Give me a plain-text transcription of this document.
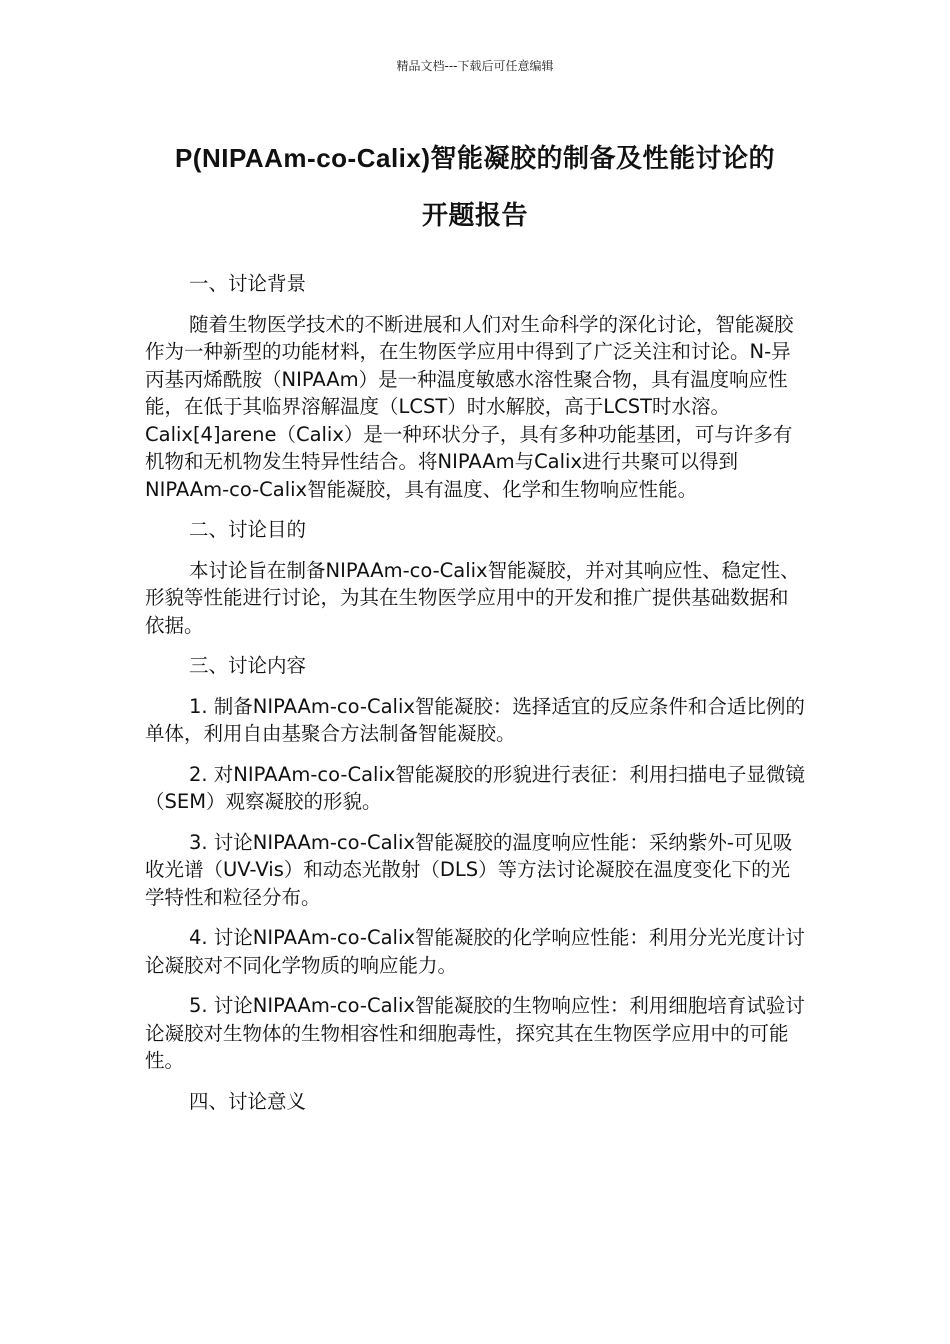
精品文档---下载后可任意编辑
P(NIPAAm-co-Calix)智能凝胶的制备及性能讨论的
开题报告

一、讨论背景

随着生物医学技术的不断进展和人们对生命科学的深化讨论，智能凝胶作为一种新型的功能材料，在生物医学应用中得到了广泛关注和讨论。N-异丙基丙烯酰胺（NIPAAm）是一种温度敏感水溶性聚合物，具有温度响应性能，在低于其临界溶解温度（LCST）时水解胶，高于LCST时水溶。Calix[4]arene（Calix）是一种环状分子，具有多种功能基团，可与许多有机物和无机物发生特异性结合。将NIPAAm与Calix进行共聚可以得到NIPAAm-co-Calix智能凝胶，具有温度、化学和生物响应性能。

二、讨论目的

本讨论旨在制备NIPAAm-co-Calix智能凝胶，并对其响应性、稳定性、形貌等性能进行讨论，为其在生物医学应用中的开发和推广提供基础数据和依据。

三、讨论内容

1. 制备NIPAAm-co-Calix智能凝胶：选择适宜的反应条件和合适比例的单体，利用自由基聚合方法制备智能凝胶。

2. 对NIPAAm-co-Calix智能凝胶的形貌进行表征：利用扫描电子显微镜（SEM）观察凝胶的形貌。

3. 讨论NIPAAm-co-Calix智能凝胶的温度响应性能：采纳紫外-可见吸收光谱（UV-Vis）和动态光散射（DLS）等方法讨论凝胶在温度变化下的光学特性和粒径分布。

4. 讨论NIPAAm-co-Calix智能凝胶的化学响应性能：利用分光光度计讨论凝胶对不同化学物质的响应能力。

5. 讨论NIPAAm-co-Calix智能凝胶的生物响应性：利用细胞培育试验讨论凝胶对生物体的生物相容性和细胞毒性，探究其在生物医学应用中的可能性。

四、讨论意义
